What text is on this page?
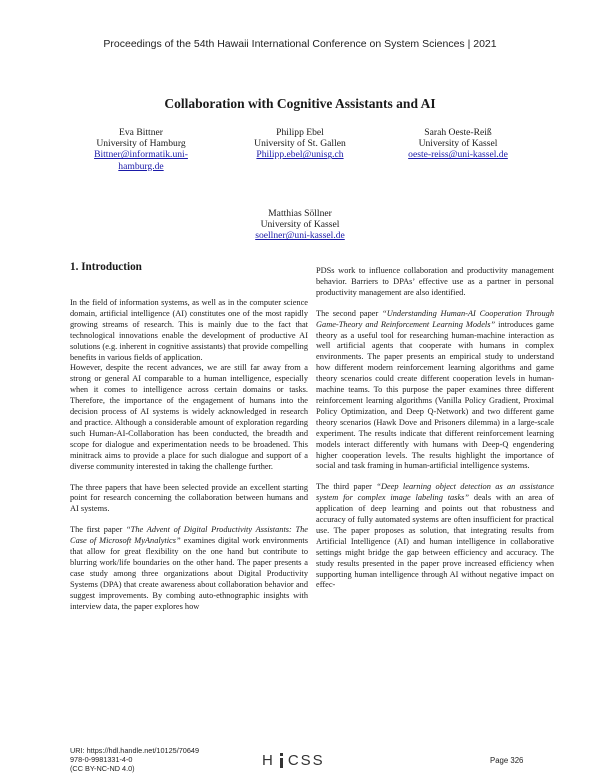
Proceedings of the 54th Hawaii International Conference on System Sciences | 2021
Collaboration with Cognitive Assistants and AI
Eva Bittner
University of Hamburg
Bittner@informatik.uni-
hamburg.de
Philipp Ebel
University of St. Gallen
Philipp.ebel@unisg.ch
Sarah Oeste-Reiß
University of Kassel
oeste-reiss@uni-kassel.de
Matthias Söllner
University of Kassel
soellner@uni-kassel.de
1. Introduction

In the field of information systems, as well as in the computer science domain, artificial intelligence (AI) constitutes one of the most rapidly growing streams of research. This is mainly due to the fact that technological innovations enable the development of productive AI solutions (e.g. inherent in cognitive assistants) that provide compelling benefits in various fields of application.

However, despite the recent advances, we are still far away from a strong or general AI comparable to a human intelligence, especially when it comes to intelligence across certain domains or tasks. Therefore, the importance of the engagement of humans into the decision process of AI systems is widely acknowledged in research and practice. Although a considerable amount of exploration regarding such Human-AI-Collaboration has been conducted, the breadth and scope for dialogue and experimentation needs to be broadened. This minitrack aims to provide a place for such dialogue and support of a diverse community interested in taking the challenge further.

The three papers that have been selected provide an excellent starting point for research concerning the collaboration between humans and AI systems.

The first paper “The Advent of Digital Productivity Assistants: The Case of Microsoft MyAnalytics” examines digital work environments that allow for great flexibility on the one hand but contribute to blurring work/life boundaries on the other hand. The paper presents a case study among three organizations about Digital Productivity Systems (DPA) that create awareness about collaboration behavior and suggest improvements. By combing auto-ethnographic insights with interview data, the paper explores how

PDSs work to influence collaboration and productivity management behavior. Barriers to DPAs’ effective use as a partner in personal productivity management are also identified.

The second paper “Understanding Human-AI Cooperation Through Game-Theory and Reinforcement Learning Models” introduces game theory as a useful tool for researching human-machine interaction as well artificial agents that cooperate with humans in complex environments. The paper presents an empirical study to understand how different modern reinforcement learning algorithms and game theory scenarios could create different cooperation levels in human-machine teams. To this purpose the paper examines three different reinforcement learning algorithms (Vanilla Policy Gradient, Proximal Policy Optimization, and Deep Q-Network) and two different game theory scenarios (Hawk Dove and Prisoners dilemma) in a large-scale experiment. The results indicate that different reinforcement learning models interact differently with humans with Deep-Q engendering higher cooperation levels. The results highlight the importance of social and task framing in human-artificial intelligence systems.

The third paper “Deep learning object detection as an assistance system for complex image labeling tasks” deals with an area of application of deep learning and points out that robustness and accuracy of fully automated systems are often insufficient for practical use. The paper proposes as solution, that integrating results from Artificial Intelligence (AI) and human intelligence in collaborative settings might bridge the gap between efficiency and accuracy. The study results presented in the paper prove increased efficiency when supporting human intelligence through AI without negative impact on effec-

URI: https://hdl.handle.net/10125/70649
978-0-9981331-4-0
(CC BY-NC-ND 4.0)	H CSS	Page 326
